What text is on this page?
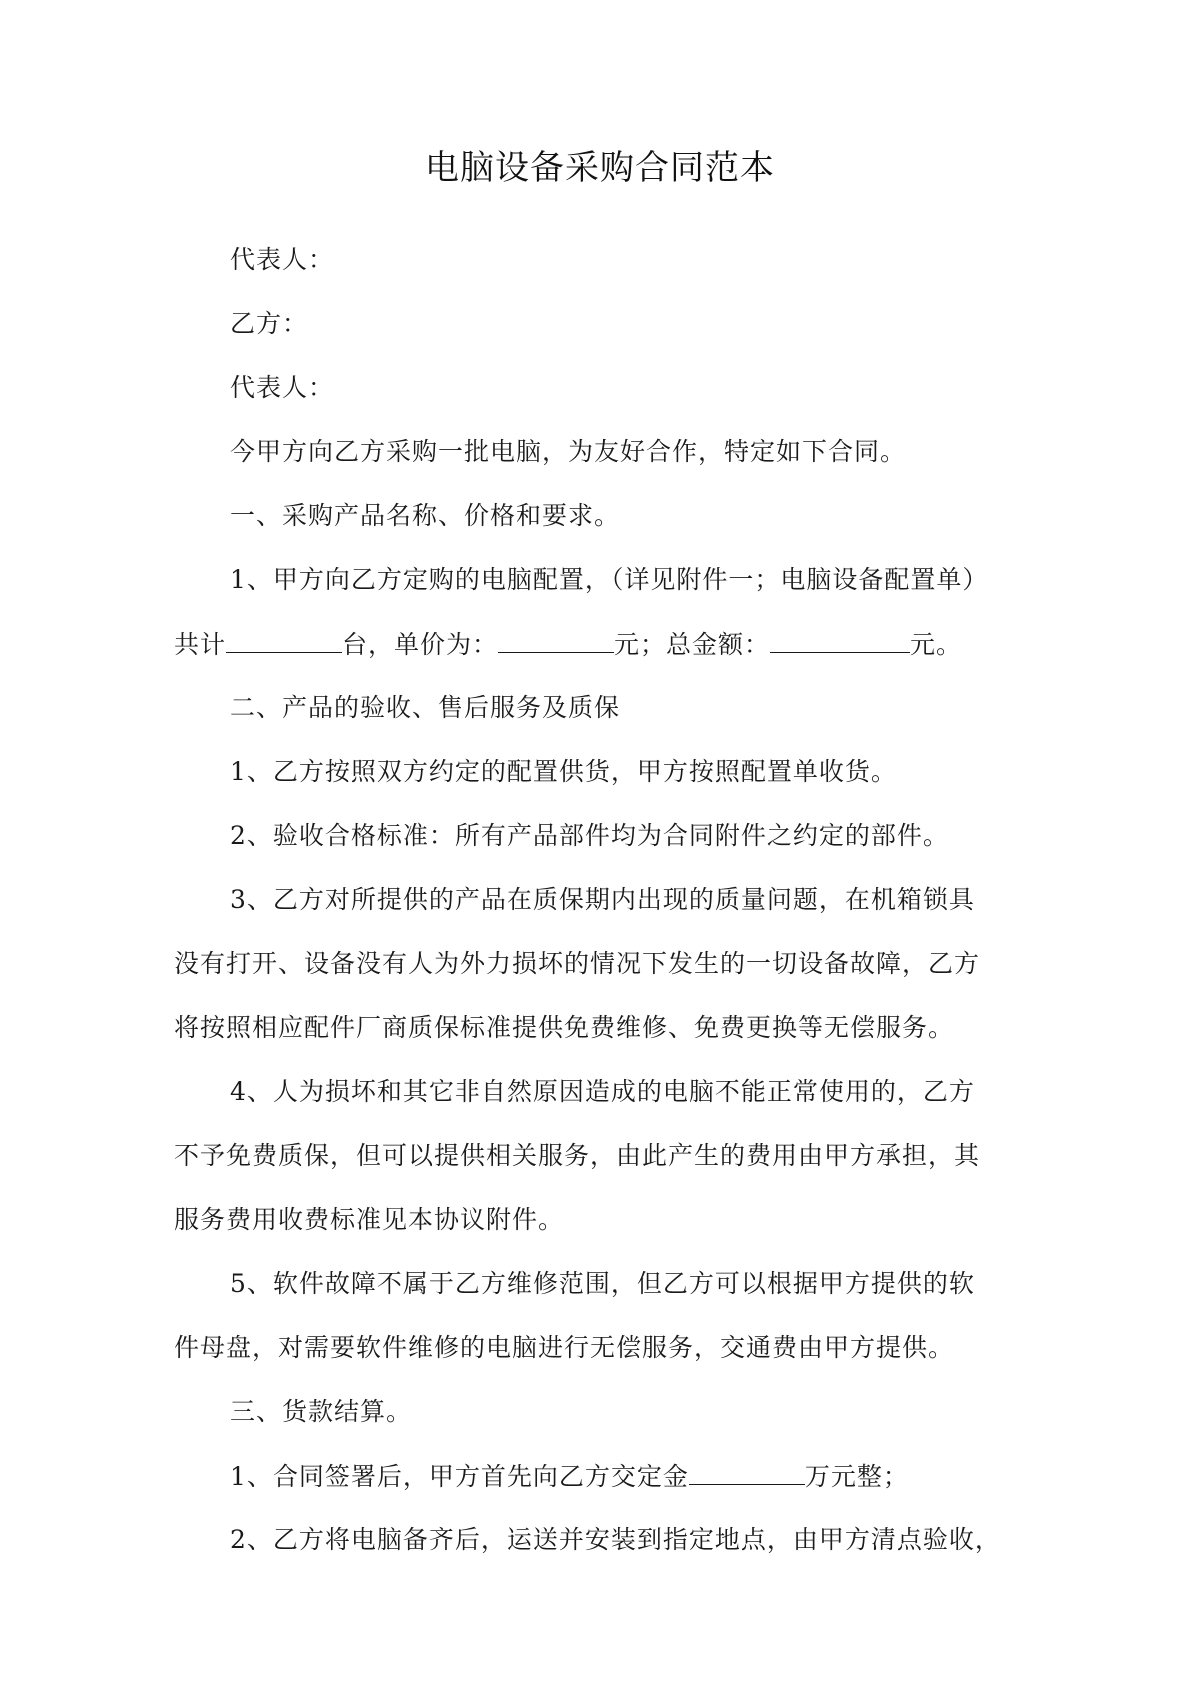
电脑设备采购合同范本
代表人：
乙方：
代表人：
今甲方向乙方采购一批电脑，为友好合作，特定如下合同。
一、采购产品名称、价格和要求。
1、甲方向乙方定购的电脑配置，（详见附件一；电脑设备配置单）
共计	台，单价为：	元；总金额：	元。
二、产品的验收、售后服务及质保
1、乙方按照双方约定的配置供货，甲方按照配置单收货。
2、验收合格标准：所有产品部件均为合同附件之约定的部件。
3、乙方对所提供的产品在质保期内出现的质量问题，在机箱锁具
没有打开、设备没有人为外力损坏的情况下发生的一切设备故障，乙方
将按照相应配件厂商质保标准提供免费维修、免费更换等无偿服务。
4、人为损坏和其它非自然原因造成的电脑不能正常使用的，乙方
不予免费质保，但可以提供相关服务，由此产生的费用由甲方承担，其
服务费用收费标准见本协议附件。
5、软件故障不属于乙方维修范围，但乙方可以根据甲方提供的软
件母盘，对需要软件维修的电脑进行无偿服务，交通费由甲方提供。
三、货款结算。
1、合同签署后，甲方首先向乙方交定金	万元整；
2、乙方将电脑备齐后，运送并安装到指定地点，由甲方清点验收，
